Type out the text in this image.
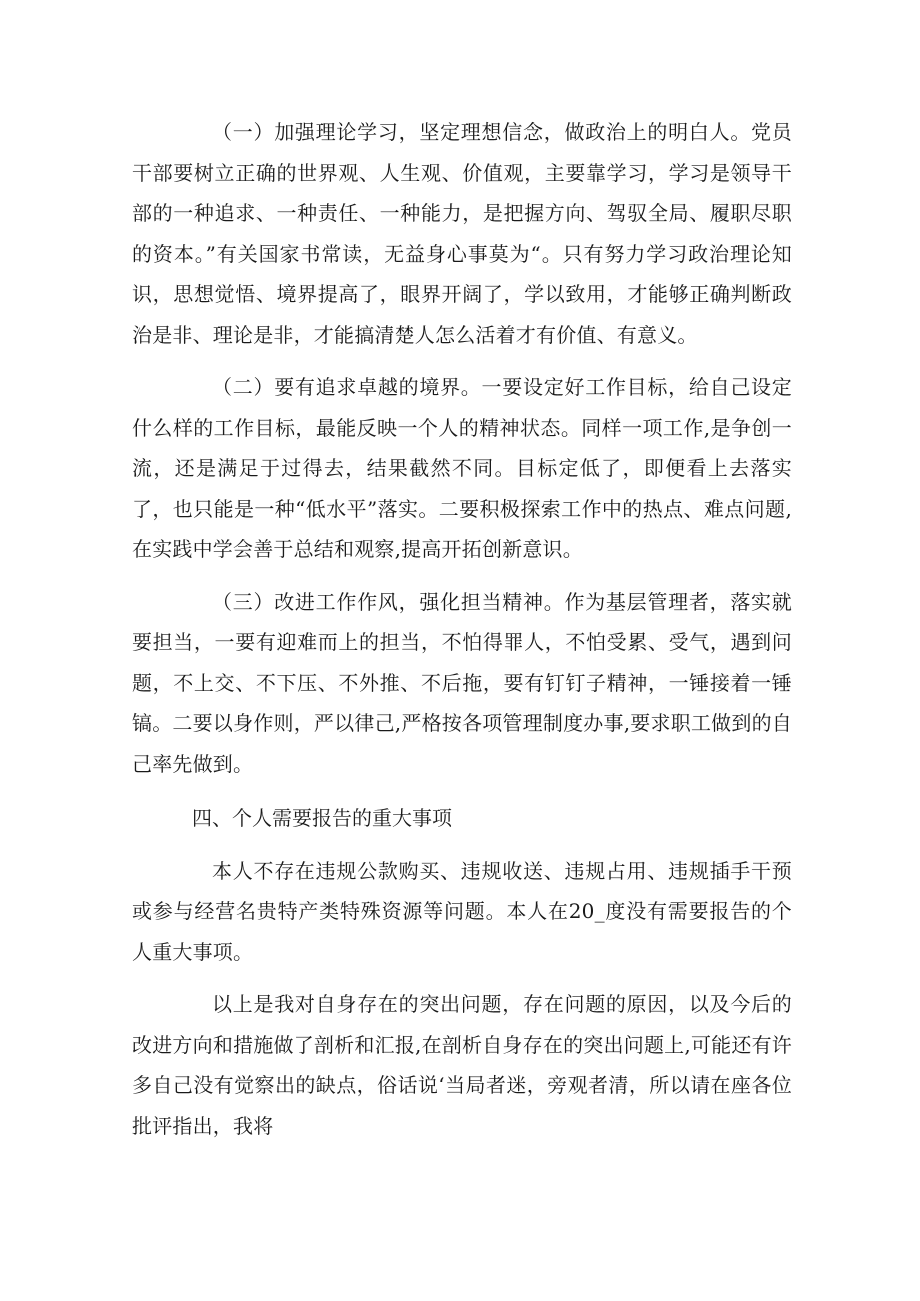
（一）加强理论学习，坚定理想信念，做政治上的明白人。党员干部要树立正确的世界观、人生观、价值观，主要靠学习，学习是领导干部的一种追求、一种责任、一种能力，是把握方向、驾驭全局、履职尽职的资本。”有关国家书常读，无益身心事莫为“。只有努力学习政治理论知识，思想觉悟、境界提高了，眼界开阔了，学以致用，才能够正确判断政治是非、理论是非，才能搞清楚人怎么活着才有价值、有意义。

（二）要有追求卓越的境界。一要设定好工作目标，给自己设定什么样的工作目标，最能反映一个人的精神状态。同样一项工作,是争创一流，还是满足于过得去，结果截然不同。目标定低了，即便看上去落实了，也只能是一种“低水平”落实。二要积极探索工作中的热点、难点问题,在实践中学会善于总结和观察,提高开拓创新意识。

（三）改进工作作风，强化担当精神。作为基层管理者，落实就要担当，一要有迎难而上的担当，不怕得罪人，不怕受累、受气，遇到问题，不上交、不下压、不外推、不后拖，要有钉钉子精神，一锤接着一锤镐。二要以身作则，严以律己,严格按各项管理制度办事,要求职工做到的自己率先做到。

四、个人需要报告的重大事项

本人不存在违规公款购买、违规收送、违规占用、违规插手干预或参与经营名贵特产类特殊资源等问题。本人在20_度没有需要报告的个人重大事项。

以上是我对自身存在的突出问题，存在问题的原因，以及今后的改进方向和措施做了剖析和汇报,在剖析自身存在的突出问题上,可能还有许多自己没有觉察出的缺点，俗话说‘当局者迷，旁观者清，所以请在座各位批评指出，我将
